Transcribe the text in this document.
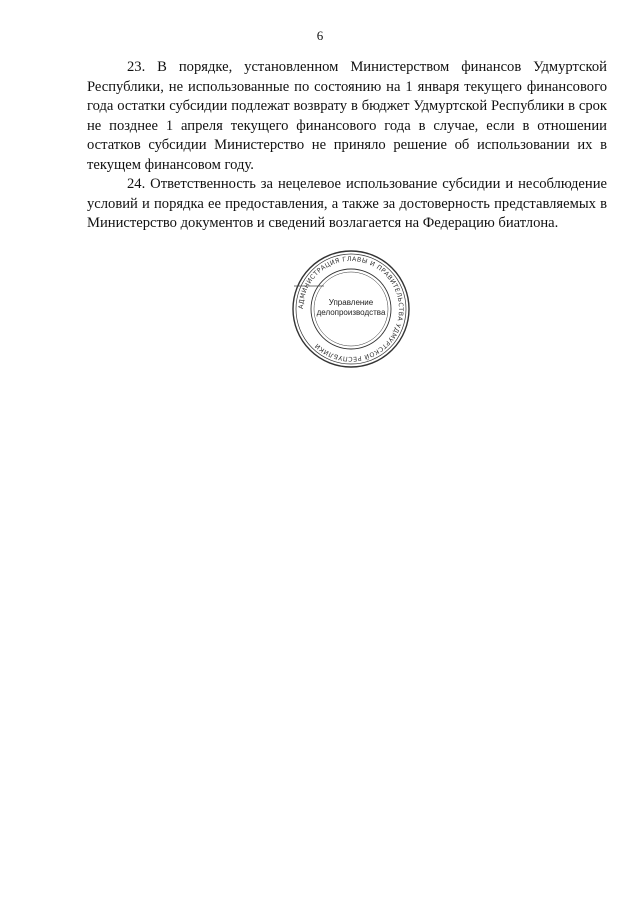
6

23. В порядке, установленном Министерством финансов Удмуртской Республики, не использованные по состоянию на 1 января текущего финансового года остатки субсидии подлежат возврату в бюджет Удмуртской Республики в срок не позднее 1 апреля текущего финансового года в случае, если в отношении остатков субсидии Министерство не приняло решение об использовании их в текущем финансовом году.

24. Ответственность за нецелевое использование субсидии и несоблюдение условий и порядка ее предоставления, а также за достоверность представляемых в Министерство документов и сведений возлагается на Федерацию биатлона.

АДМИНИСТРАЦИЯ ГЛАВЫ И ПРАВИТЕЛЬСТВА УДМУРТСКОЙ РЕСПУБЛИКИ
Управление
делопроизводства
